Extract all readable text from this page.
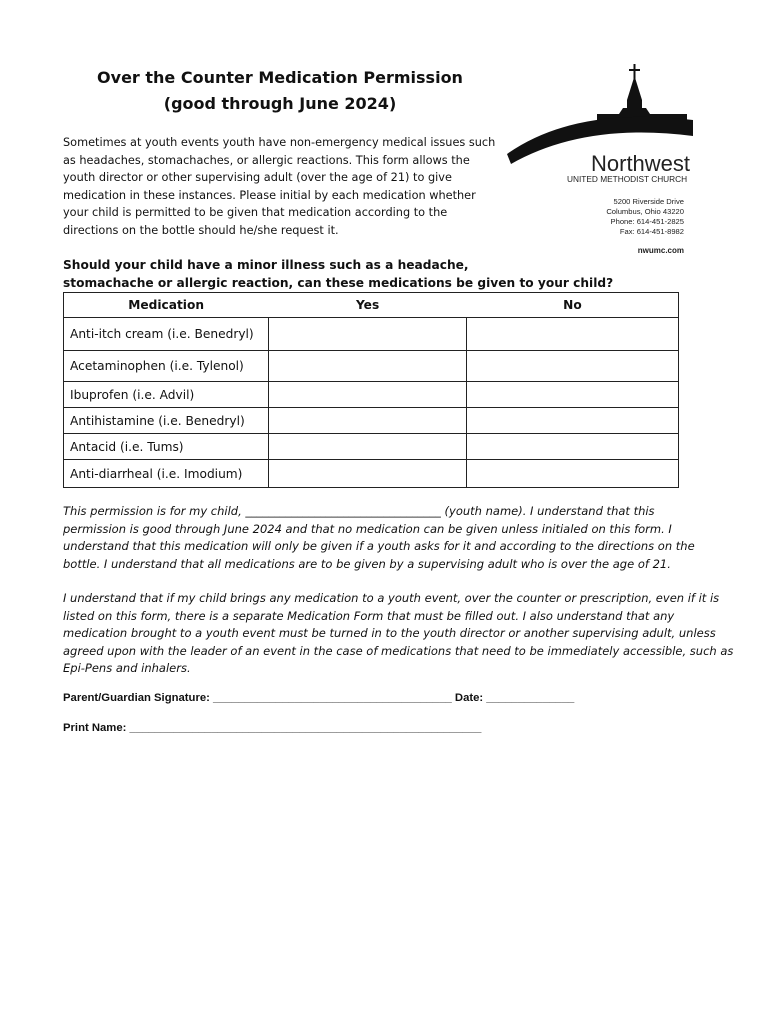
Over the Counter Medication Permission
(good through June 2024)
Sometimes at youth events youth have non-emergency medical issues such
as headaches, stomachaches, or allergic reactions. This form allows the
youth director or other supervising adult (over the age of 21) to give
medication in these instances. Please initial by each medication whether
your child is permitted to be given that medication according to the
directions on the bottle should he/she request it.
Northwest
UNITED METHODIST CHURCH
5200 Riverside Drive
Columbus, Ohio 43220
Phone: 614-451-2825
Fax: 614-451-8982
nwumc.com
Should your child have a minor illness such as a headache,
stomachache or allergic reaction, can these medications be given to your child?
Medication	Yes	No
Anti-itch cream (i.e. Benedryl)		
Acetaminophen (i.e. Tylenol)		
Ibuprofen (i.e. Advil)		
Antihistamine (i.e. Benedryl)		
Antacid (i.e. Tums)		
Anti-diarrheal (i.e. Imodium)		
This permission is for my child, __________________________________ (youth name). I understand that this
permission is good through June 2024 and that no medication can be given unless initialed on this form. I
understand that this medication will only be given if a youth asks for it and according to the directions on the
bottle. I understand that all medications are to be given by a supervising adult who is over the age of 21.
I understand that if my child brings any medication to a youth event, over the counter or prescription, even if it is
listed on this form, there is a separate Medication Form that must be filled out. I also understand that any
medication brought to a youth event must be turned in to the youth director or another supervising adult, unless
agreed upon with the leader of an event in the case of medications that need to be immediately accessible, such as
Epi-Pens and inhalers.
Parent/Guardian Signature: ______________________________________ Date: ______________
Print Name: ________________________________________________________
